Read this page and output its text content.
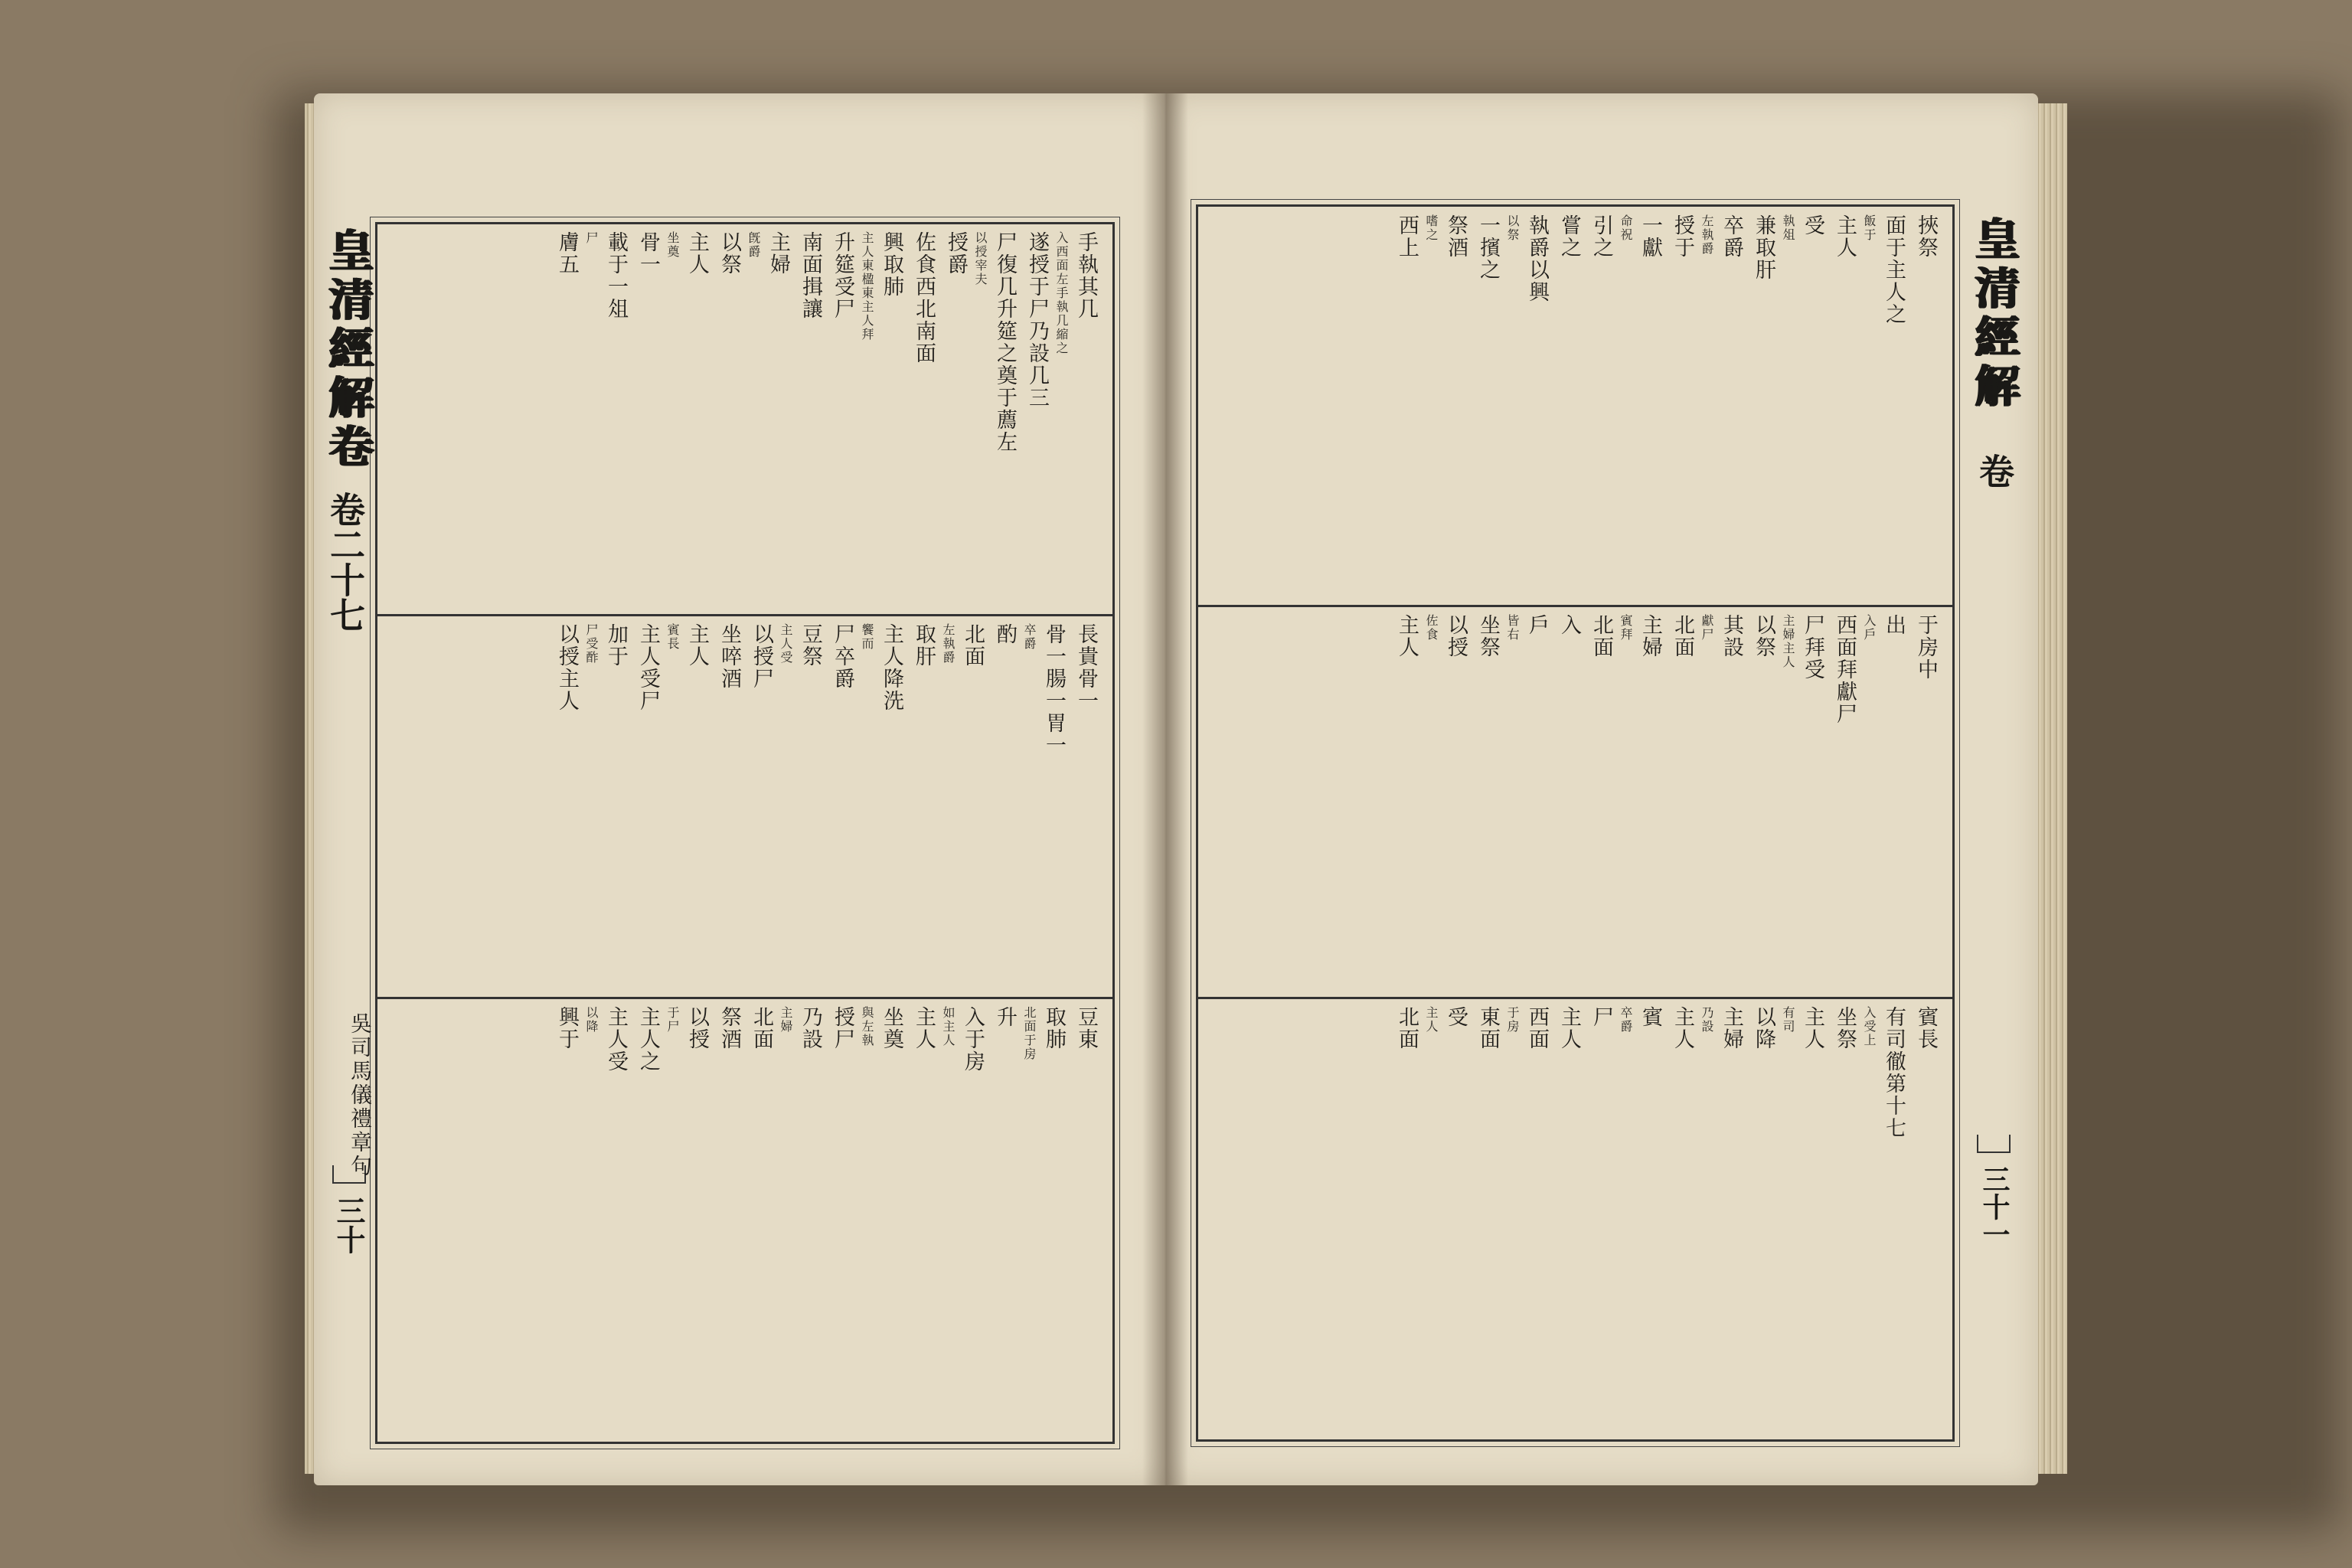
皇清經解卷
卷二十七
三十
手執其几
入西面左手執几縮之
遂授于尸乃設几三
尸復几升筵之奠于薦左
以授宰夫
授爵
佐食西北南面
興取肺
主人東楹東主人拜
升筵受尸
南面揖讓
主婦
旣爵
以祭
主人
坐奠
骨一
載于一俎
尸
膚五
長貴骨一
骨一腸一胃一
卒爵
酌
北面
左執爵
取肝
主人降洗
饗而
尸卒爵
豆祭
主人受
以授尸
坐啐酒
主人
賓長
主人受尸
加于
尸受酢
以授主人
豆東
取肺
北面于房
升
入于房
如主人
主人
坐奠
與左執
授尸
乃設
主婦
北面
祭酒
以授
于尸
主人之
主人受
以降
興于
吳司馬儀禮章句
皇清經解
卷
三十一
挾祭
面于主人之
飯于
主人
受
執俎
兼取肝
卒爵
左執爵
授于
一獻
命祝
引之
嘗之
執爵以興
以祭
一擯之
祭酒
嗜之
西上
于房中
出
入戶
西面拜獻尸
尸拜受
主婦主人
以祭
其設
獻尸
北面
主婦
賓拜
北面
入
戶
皆右
坐祭
以授
佐食
主人
賓長
有司徹第十七
入受上
坐祭
主人
有司
以降
主婦
乃設
主人
賓
卒爵
尸
主人
西面
于房
東面
受
主人
北面
